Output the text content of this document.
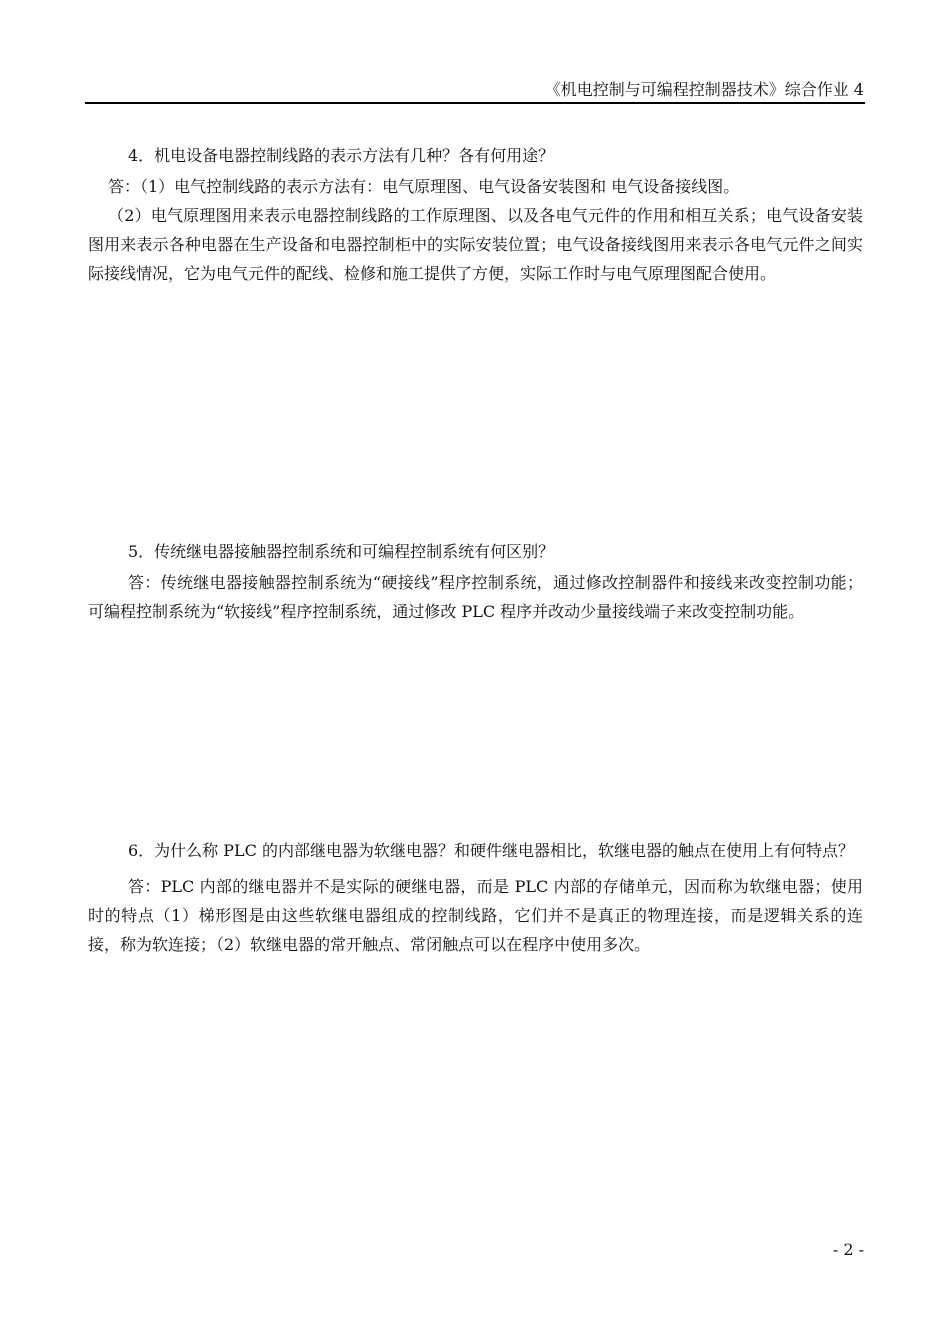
《机电控制与可编程控制器技术》综合作业 4

4．机电设备电器控制线路的表示方法有几种？各有何用途？

答：（1）电气控制线路的表示方法有：电气原理图、电气设备安装图和 电气设备接线图。
（2）电气原理图用来表示电器控制线路的工作原理图、以及各电气元件的作用和相互关系；电气设备安装图用来表示各种电器在生产设备和电器控制柜中的实际安装位置；电气设备接线图用来表示各电气元件之间实际接线情况，它为电气元件的配线、检修和施工提供了方便，实际工作时与电气原理图配合使用。

5．传统继电器接触器控制系统和可编程控制系统有何区别？

答：传统继电器接触器控制系统为“硬接线”程序控制系统，通过修改控制器件和接线来改变控制功能；可编程控制系统为“软接线”程序控制系统，通过修改 PLC 程序并改动少量接线端子来改变控制功能。

6．为什么称 PLC 的内部继电器为软继电器？和硬件继电器相比，软继电器的触点在使用上有何特点？

答：PLC 内部的继电器并不是实际的硬继电器，而是 PLC 内部的存储单元，因而称为软继电器；使用时的特点（1）梯形图是由这些软继电器组成的控制线路，它们并不是真正的物理连接，而是逻辑关系的连接，称为软连接；（2）软继电器的常开触点、常闭触点可以在程序中使用多次。

- 2 -
